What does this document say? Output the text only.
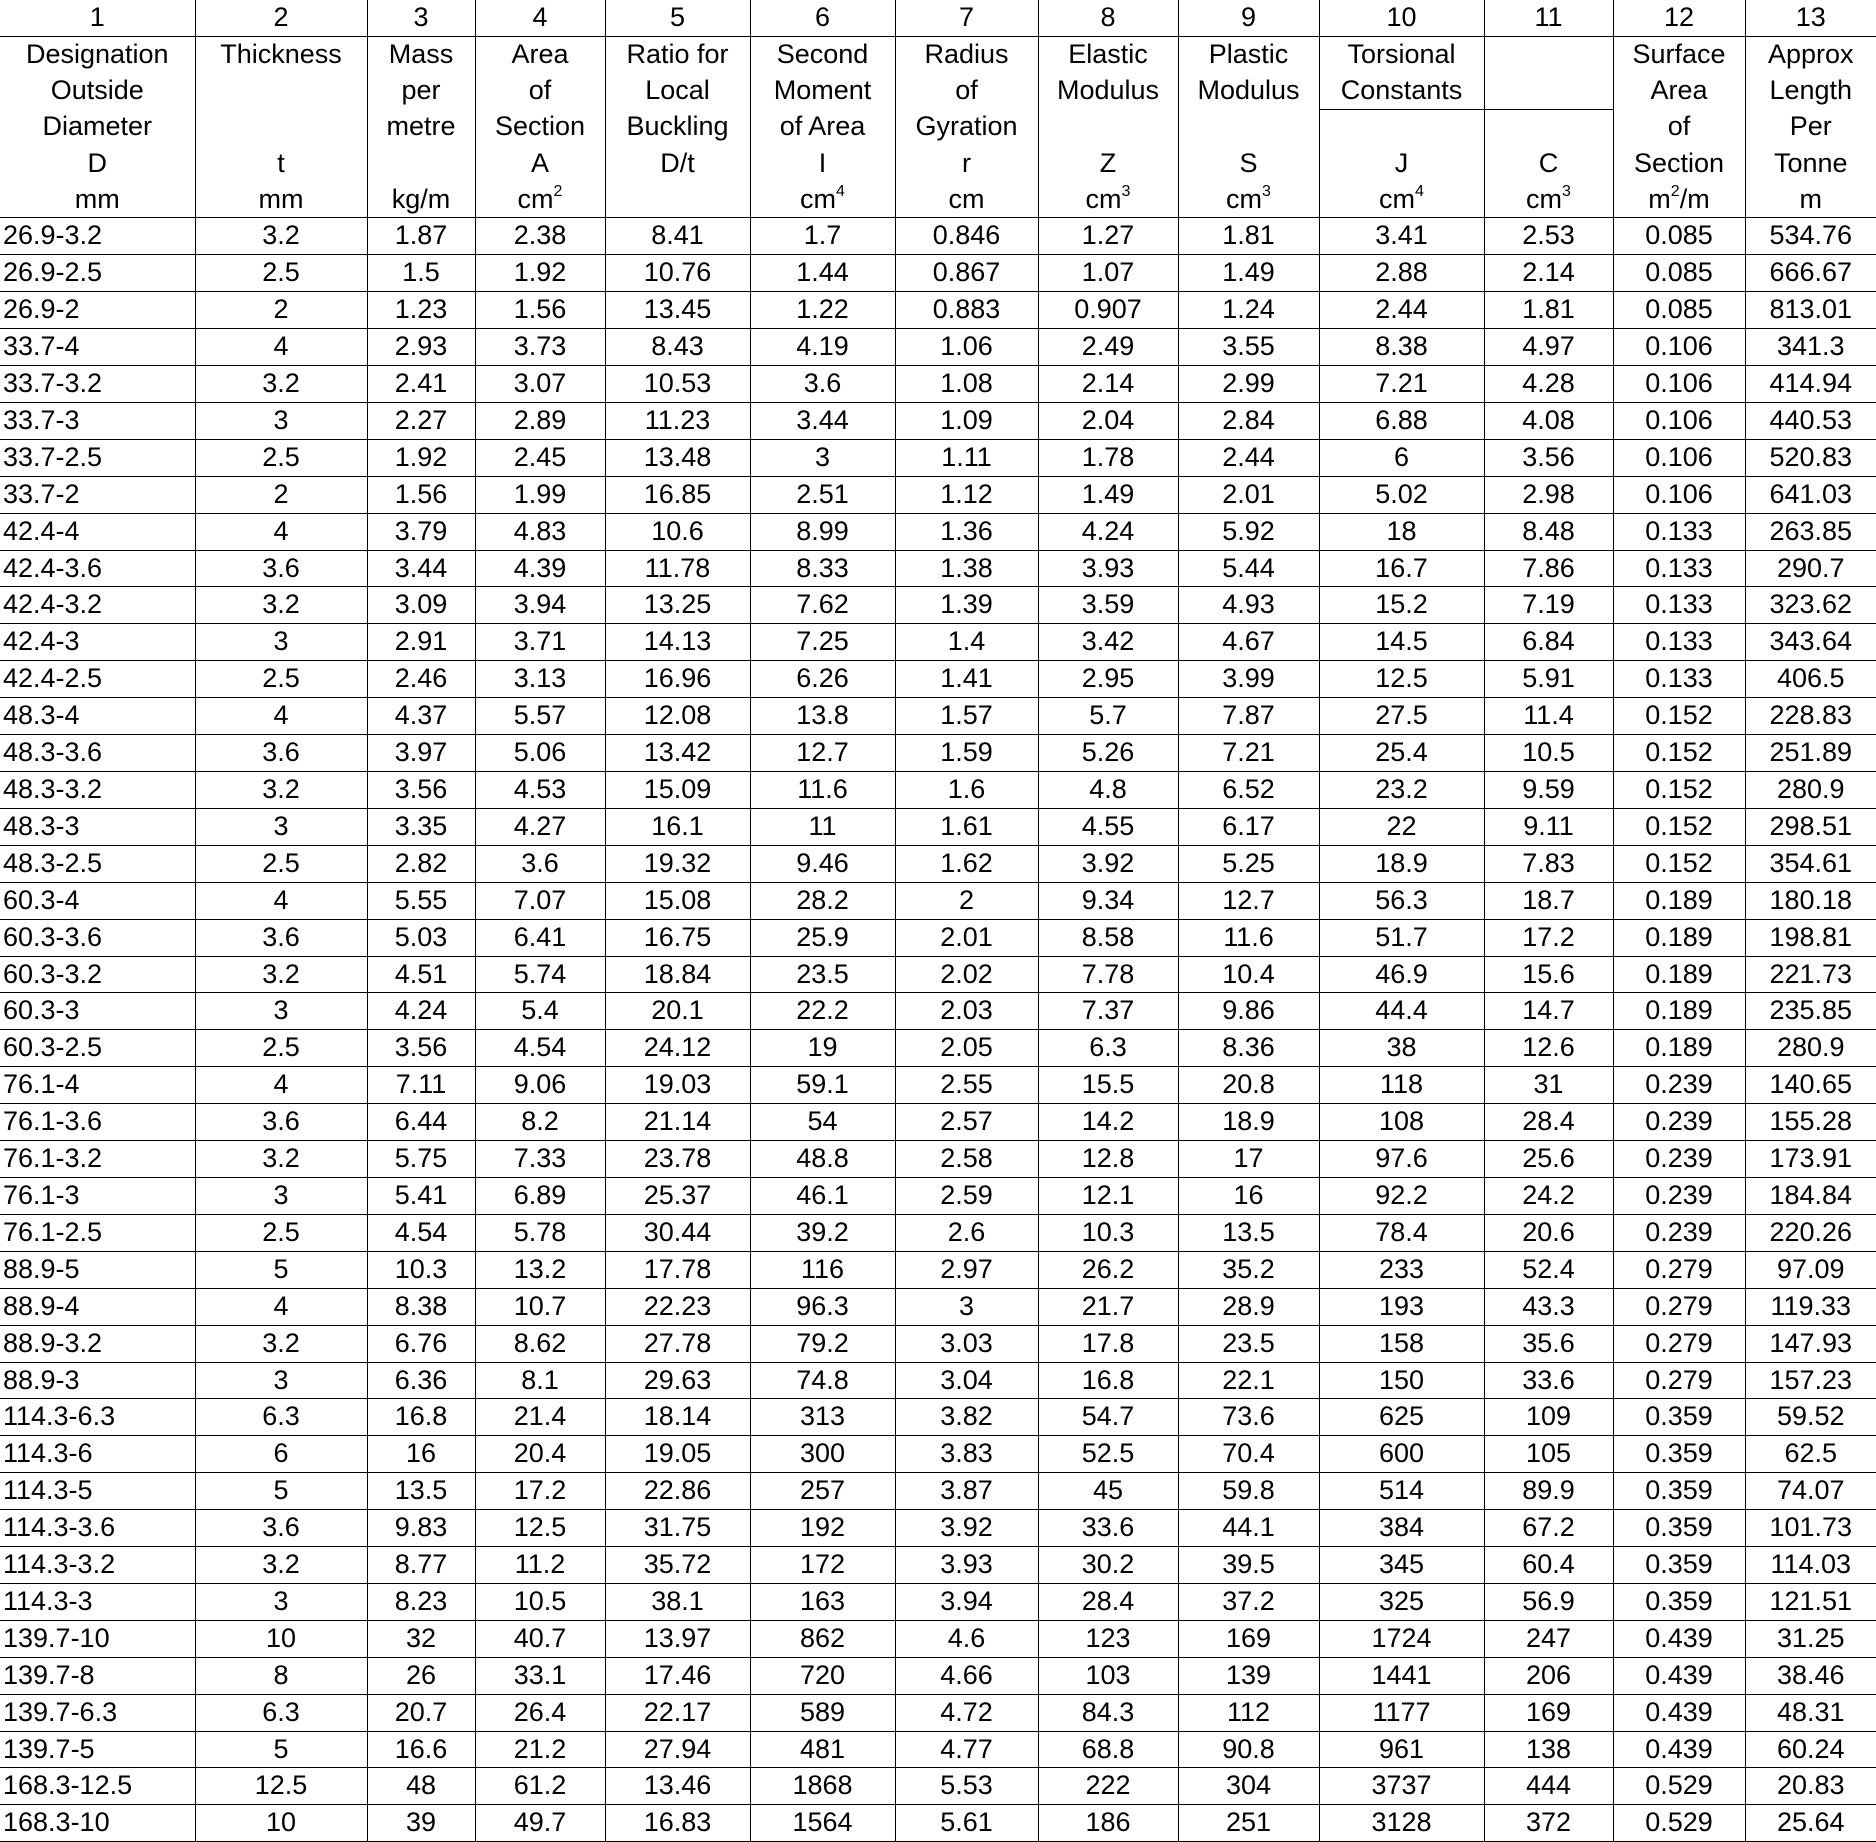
1	2	3	4	5	6	7	8	9	10	11	12	13
Designation	Thickness	Mass	Area	Ratio for	Second	Radius	Elastic	Plastic	Torsional		Surface	Approx
Outside		per	of	Local	Moment	of	Modulus	Modulus	Constants		Area	Length
Diameter		metre	Section	Buckling	of Area	Gyration					of	Per
D	t		A	D/t	I	r	Z	S	J	C	Section	Tonne
mm	mm	kg/m	$cm^2$		$cm^4$	cm	$cm^3$	$cm^3$	$cm^4$	$cm^3$	$m^2/m$	m
26.9-3.2	3.2	1.87	2.38	8.41	1.7	0.846	1.27	1.81	3.41	2.53	0.085	534.76
26.9-2.5	2.5	1.5	1.92	10.76	1.44	0.867	1.07	1.49	2.88	2.14	0.085	666.67
26.9-2	2	1.23	1.56	13.45	1.22	0.883	0.907	1.24	2.44	1.81	0.085	813.01
33.7-4	4	2.93	3.73	8.43	4.19	1.06	2.49	3.55	8.38	4.97	0.106	341.3
33.7-3.2	3.2	2.41	3.07	10.53	3.6	1.08	2.14	2.99	7.21	4.28	0.106	414.94
33.7-3	3	2.27	2.89	11.23	3.44	1.09	2.04	2.84	6.88	4.08	0.106	440.53
33.7-2.5	2.5	1.92	2.45	13.48	3	1.11	1.78	2.44	6	3.56	0.106	520.83
33.7-2	2	1.56	1.99	16.85	2.51	1.12	1.49	2.01	5.02	2.98	0.106	641.03
42.4-4	4	3.79	4.83	10.6	8.99	1.36	4.24	5.92	18	8.48	0.133	263.85
42.4-3.6	3.6	3.44	4.39	11.78	8.33	1.38	3.93	5.44	16.7	7.86	0.133	290.7
42.4-3.2	3.2	3.09	3.94	13.25	7.62	1.39	3.59	4.93	15.2	7.19	0.133	323.62
42.4-3	3	2.91	3.71	14.13	7.25	1.4	3.42	4.67	14.5	6.84	0.133	343.64
42.4-2.5	2.5	2.46	3.13	16.96	6.26	1.41	2.95	3.99	12.5	5.91	0.133	406.5
48.3-4	4	4.37	5.57	12.08	13.8	1.57	5.7	7.87	27.5	11.4	0.152	228.83
48.3-3.6	3.6	3.97	5.06	13.42	12.7	1.59	5.26	7.21	25.4	10.5	0.152	251.89
48.3-3.2	3.2	3.56	4.53	15.09	11.6	1.6	4.8	6.52	23.2	9.59	0.152	280.9
48.3-3	3	3.35	4.27	16.1	11	1.61	4.55	6.17	22	9.11	0.152	298.51
48.3-2.5	2.5	2.82	3.6	19.32	9.46	1.62	3.92	5.25	18.9	7.83	0.152	354.61
60.3-4	4	5.55	7.07	15.08	28.2	2	9.34	12.7	56.3	18.7	0.189	180.18
60.3-3.6	3.6	5.03	6.41	16.75	25.9	2.01	8.58	11.6	51.7	17.2	0.189	198.81
60.3-3.2	3.2	4.51	5.74	18.84	23.5	2.02	7.78	10.4	46.9	15.6	0.189	221.73
60.3-3	3	4.24	5.4	20.1	22.2	2.03	7.37	9.86	44.4	14.7	0.189	235.85
60.3-2.5	2.5	3.56	4.54	24.12	19	2.05	6.3	8.36	38	12.6	0.189	280.9
76.1-4	4	7.11	9.06	19.03	59.1	2.55	15.5	20.8	118	31	0.239	140.65
76.1-3.6	3.6	6.44	8.2	21.14	54	2.57	14.2	18.9	108	28.4	0.239	155.28
76.1-3.2	3.2	5.75	7.33	23.78	48.8	2.58	12.8	17	97.6	25.6	0.239	173.91
76.1-3	3	5.41	6.89	25.37	46.1	2.59	12.1	16	92.2	24.2	0.239	184.84
76.1-2.5	2.5	4.54	5.78	30.44	39.2	2.6	10.3	13.5	78.4	20.6	0.239	220.26
88.9-5	5	10.3	13.2	17.78	116	2.97	26.2	35.2	233	52.4	0.279	97.09
88.9-4	4	8.38	10.7	22.23	96.3	3	21.7	28.9	193	43.3	0.279	119.33
88.9-3.2	3.2	6.76	8.62	27.78	79.2	3.03	17.8	23.5	158	35.6	0.279	147.93
88.9-3	3	6.36	8.1	29.63	74.8	3.04	16.8	22.1	150	33.6	0.279	157.23
114.3-6.3	6.3	16.8	21.4	18.14	313	3.82	54.7	73.6	625	109	0.359	59.52
114.3-6	6	16	20.4	19.05	300	3.83	52.5	70.4	600	105	0.359	62.5
114.3-5	5	13.5	17.2	22.86	257	3.87	45	59.8	514	89.9	0.359	74.07
114.3-3.6	3.6	9.83	12.5	31.75	192	3.92	33.6	44.1	384	67.2	0.359	101.73
114.3-3.2	3.2	8.77	11.2	35.72	172	3.93	30.2	39.5	345	60.4	0.359	114.03
114.3-3	3	8.23	10.5	38.1	163	3.94	28.4	37.2	325	56.9	0.359	121.51
139.7-10	10	32	40.7	13.97	862	4.6	123	169	1724	247	0.439	31.25
139.7-8	8	26	33.1	17.46	720	4.66	103	139	1441	206	0.439	38.46
139.7-6.3	6.3	20.7	26.4	22.17	589	4.72	84.3	112	1177	169	0.439	48.31
139.7-5	5	16.6	21.2	27.94	481	4.77	68.8	90.8	961	138	0.439	60.24
168.3-12.5	12.5	48	61.2	13.46	1868	5.53	222	304	3737	444	0.529	20.83
168.3-10	10	39	49.7	16.83	1564	5.61	186	251	3128	372	0.529	25.64
